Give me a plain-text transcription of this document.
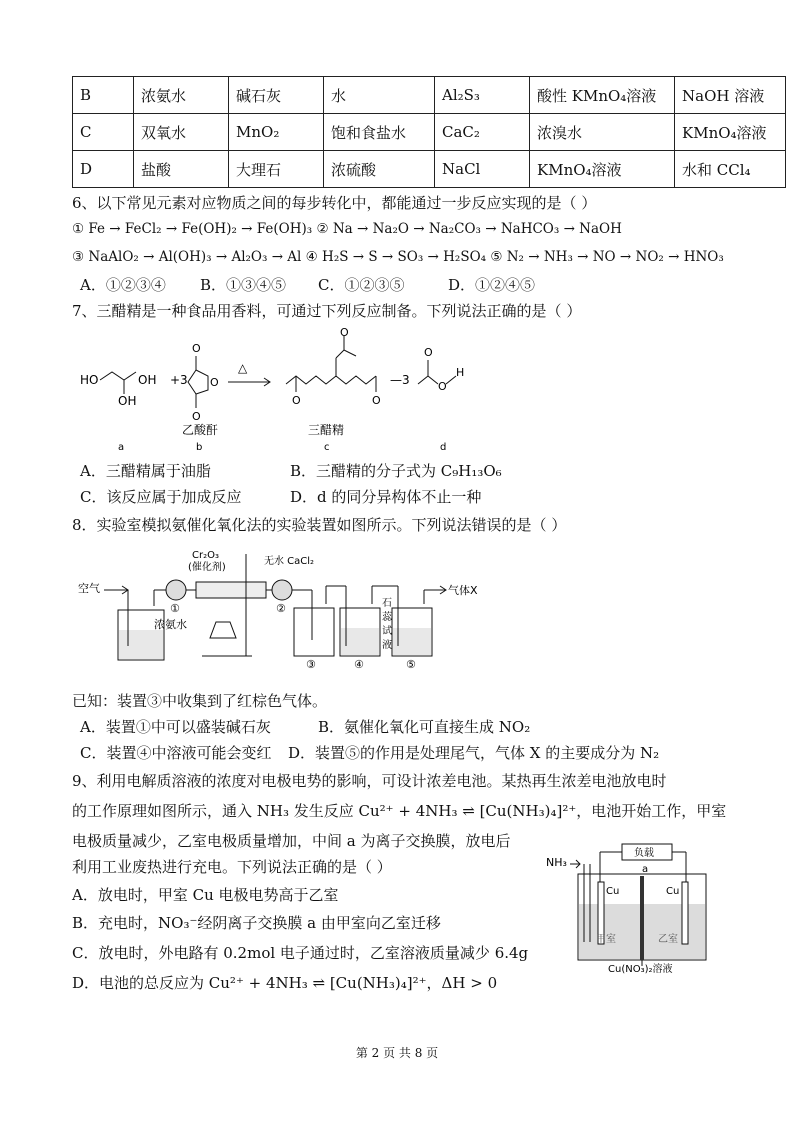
B	浓氨水	碱石灰	水	Al₂S₃	酸性 KMnO₄溶液	NaOH 溶液
C	双氧水	MnO₂	饱和食盐水	CaC₂	浓溴水	KMnO₄溶液
D	盐酸	大理石	浓硫酸	NaCl	KMnO₄溶液	水和 CCl₄
6、以下常见元素对应物质之间的每步转化中，都能通过一步反应实现的是（ ）
① Fe → FeCl₂ → Fe(OH)₂ → Fe(OH)₃ ② Na → Na₂O → Na₂CO₃ → NaHCO₃ → NaOH
③ NaAlO₂ → Al(OH)₃ → Al₂O₃ → Al ④ H₂S → S → SO₃ → H₂SO₄ ⑤ N₂ → NH₃ → NO → NO₂ → HNO₃
A．①②③④ B．①③④⑤ C．①②③⑤	D．①②④⑤
7、三醋精是一种食品用香料，可通过下列反应制备。下列说法正确的是（ ）
HO	OH
OH
+3
O
O
O
△
O	O
O
—3
O
O
H
乙酸酐	三醋精
a	b	c	d
A．三醋精属于油脂	B．三醋精的分子式为 C₉H₁₃O₆
C．该反应属于加成反应	D．d 的同分异构体不止一种
8．实验室模拟氨催化氧化法的实验装置如图所示。下列说法错误的是（ ）
空气
浓氨水
①
Cr₂O₃
(催化剂)
无水 CaCl₂
②	石
蕊
试
液
气体X
③	④	⑤
已知：装置③中收集到了红棕色气体。
A．装置①中可以盛装碱石灰	B．氨催化氧化可直接生成 NO₂
C．装置④中溶液可能会变红 D．装置⑤的作用是处理尾气，气体 X 的主要成分为 N₂
9、利用电解质溶液的浓度对电极电势的影响，可设计浓差电池。某热再生浓差电池放电时
的工作原理如图所示，通入 NH₃ 发生反应 Cu²⁺ + 4NH₃ ⇌ [Cu(NH₃)₄]²⁺，电池开始工作，甲室
电极质量减少，乙室电极质量增加，中间 a 为离子交换膜，放电后
利用工业废热进行充电。下列说法正确的是（ ）
A．放电时，甲室 Cu 电极电势高于乙室
B．充电时，NO₃⁻经阴离子交换膜 a 由甲室向乙室迁移
C．放电时，外电路有 0.2mol 电子通过时，乙室溶液质量减少 6.4g
D．电池的总反应为 Cu²⁺ + 4NH₃ ⇌ [Cu(NH₃)₄]²⁺，ΔH > 0
NH₃
负载
a
Cu	Cu
甲室	乙室
Cu(NO₃)₂溶液
第 2 页 共 8 页
